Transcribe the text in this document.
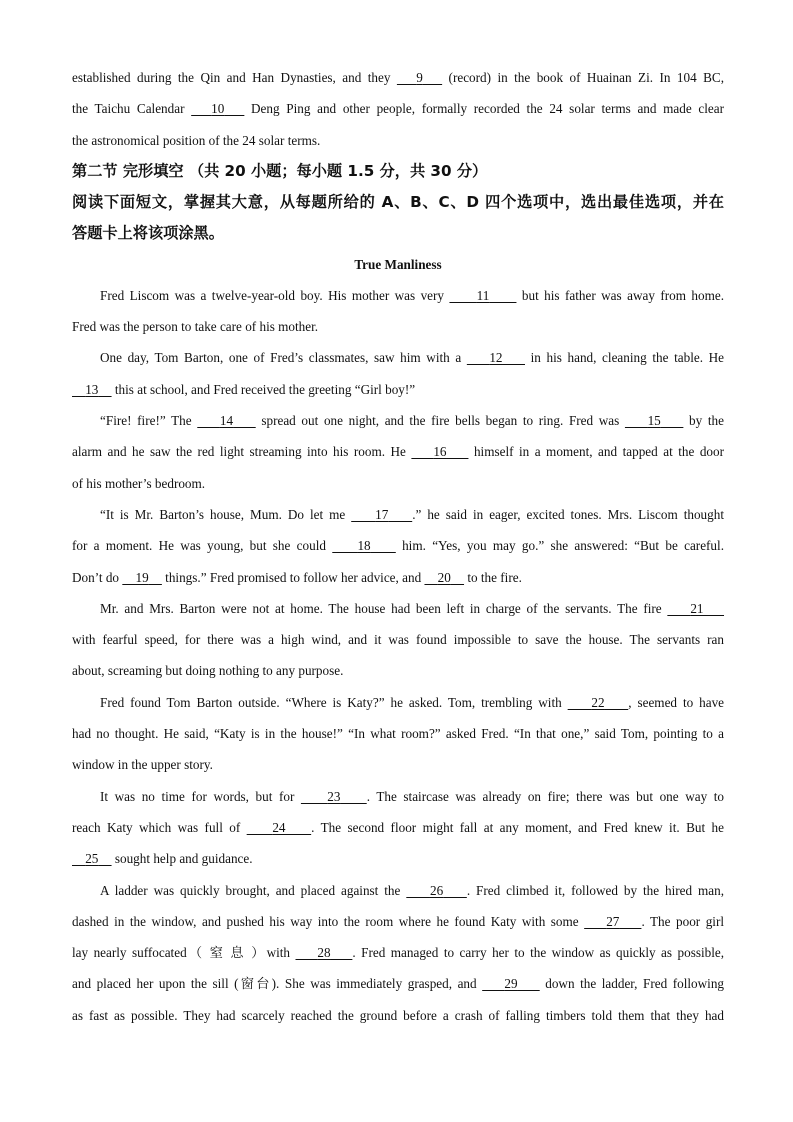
established during the Qin and Han Dynasties, and they    9    (record) in the book of Huainan Zi. In 104 BC,

the Taichu Calendar    10    Deng Ping and other people, formally recorded the 24 solar terms and made clear

the astronomical position of the 24 solar terms.

第二节 完形填空 （共 20 小题；每小题 1.5 分，共 30 分）

阅读下面短文，掌握其大意，从每题所给的 A、B、C、D 四个选项中，选出最佳选项，并在

答题卡上将该项涂黑。

True Manliness

Fred Liscom was a twelve-year-old boy. His mother was very      11      but his father was away from home.

Fred was the person to take care of his mother.

One day, Tom Barton, one of Fred’s classmates, saw him with a     12     in his hand, cleaning the table. He

13     this at school, and Fred received the greeting “Girl boy!”

“Fire! fire!” The     14     spread out one night, and the fire bells began to ring. Fred was     15     by the

alarm and he saw the red light streaming into his room. He     16     himself in a moment, and tapped at the door

of his mother’s bedroom.

“It is Mr. Barton’s house, Mum. Do let me     17 .” he said in eager, excited tones. Mrs. Liscom thought

for a moment. He was young, but she could     18     him. “Yes, you may go.” she answered: “But be careful.

Don’t do     19     things.” Fred promised to follow her advice, and     20     to the fire.

Mr. and Mrs. Barton were not at home. The house had been left in charge of the servants. The fire     21

with fearful speed, for there was a high wind, and it was found impossible to save the house. The servants ran

about, screaming but doing nothing to any purpose.

Fred found Tom Barton outside. “Where is Katy?” he asked. Tom, trembling with     22 , seemed to have

had no thought. He said, “Katy is in the house!” “In what room?” asked Fred. “In that one,” said Tom, pointing to a

window in the upper story.

It was no time for words, but for     23 . The staircase was already on fire; there was but one way to

reach Katy which was full of     24 . The second floor might fall at any moment, and Fred knew it. But he

25     sought help and guidance.

A ladder was quickly brought, and placed against the     26 . Fred climbed it, followed by the hired man,

dashed in the window, and pushed his way into the room where he found Katy with some     27 . The poor girl

lay nearly suffocated（ 窒 息 ）with     28 . Fred managed to carry her to the window as quickly as possible,

and placed her upon the sill (窗台). She was immediately grasped, and     29     down the ladder, Fred following

as fast as possible. They had scarcely reached the ground before a crash of falling timbers told them that they had
